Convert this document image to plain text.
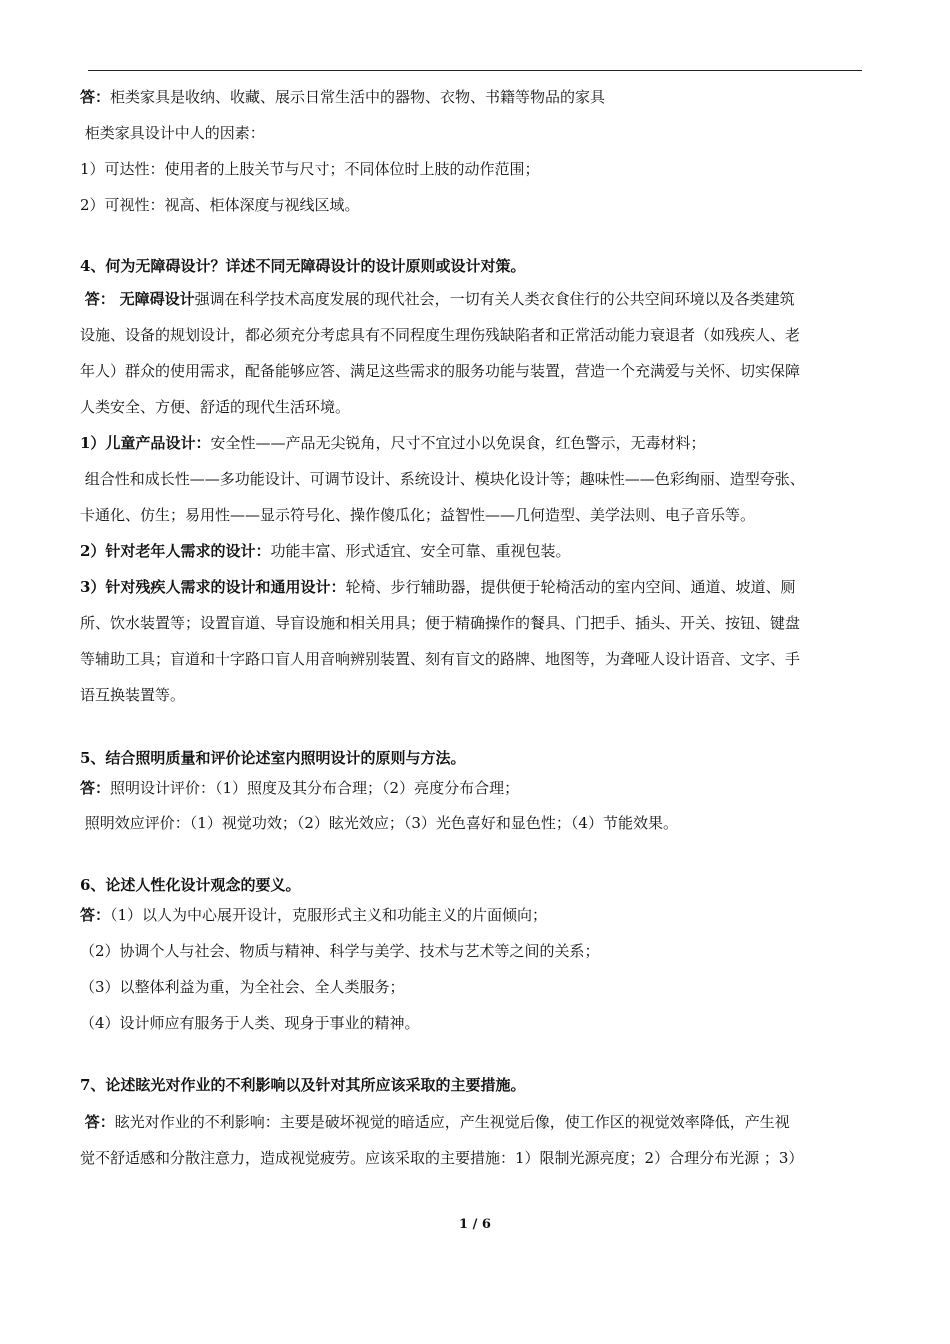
答：柜类家具是收纳、收藏、展示日常生活中的器物、衣物、书籍等物品的家具
柜类家具设计中人的因素：
1）可达性：使用者的上肢关节与尺寸；不同体位时上肢的动作范围；
2）可视性：视高、柜体深度与视线区域。
4、何为无障碍设计？详述不同无障碍设计的设计原则或设计对策。
答： 无障碍设计强调在科学技术高度发展的现代社会，一切有关人类衣食住行的公共空间环境以及各类建筑
设施、设备的规划设计，都必须充分考虑具有不同程度生理伤残缺陷者和正常活动能力衰退者（如残疾人、老
年人）群众的使用需求，配备能够应答、满足这些需求的服务功能与装置，营造一个充满爱与关怀、切实保障
人类安全、方便、舒适的现代生活环境。
1）儿童产品设计：安全性——产品无尖锐角，尺寸不宜过小以免误食，红色警示，无毒材料；
组合性和成长性——多功能设计、可调节设计、系统设计、模块化设计等；趣味性——色彩绚丽、造型夸张、
卡通化、仿生；易用性——显示符号化、操作傻瓜化；益智性——几何造型、美学法则、电子音乐等。
2）针对老年人需求的设计：功能丰富、形式适宜、安全可靠、重视包装。
3）针对残疾人需求的设计和通用设计：轮椅、步行辅助器，提供便于轮椅活动的室内空间、通道、坡道、厕
所、饮水装置等；设置盲道、导盲设施和相关用具；便于精确操作的餐具、门把手、插头、开关、按钮、键盘
等辅助工具；盲道和十字路口盲人用音响辨别装置、刻有盲文的路牌、地图等，为聋哑人设计语音、文字、手
语互换装置等。
5、结合照明质量和评价论述室内照明设计的原则与方法。
答：照明设计评价：（1）照度及其分布合理；（2）亮度分布合理；
照明效应评价：（1）视觉功效；（2）眩光效应；（3）光色喜好和显色性；（4）节能效果。
6、论述人性化设计观念的要义。
答：（1）以人为中心展开设计，克服形式主义和功能主义的片面倾向；
（2）协调个人与社会、物质与精神、科学与美学、技术与艺术等之间的关系；
（3）以整体利益为重，为全社会、全人类服务；
（4）设计师应有服务于人类、现身于事业的精神。
7、论述眩光对作业的不利影响以及针对其所应该采取的主要措施。
答：眩光对作业的不利影响：主要是破坏视觉的暗适应，产生视觉后像，使工作区的视觉效率降低，产生视
觉不舒适感和分散注意力，造成视觉疲劳。应该采取的主要措施：1）限制光源亮度；2）合理分布光源 ；3）
1 / 6
